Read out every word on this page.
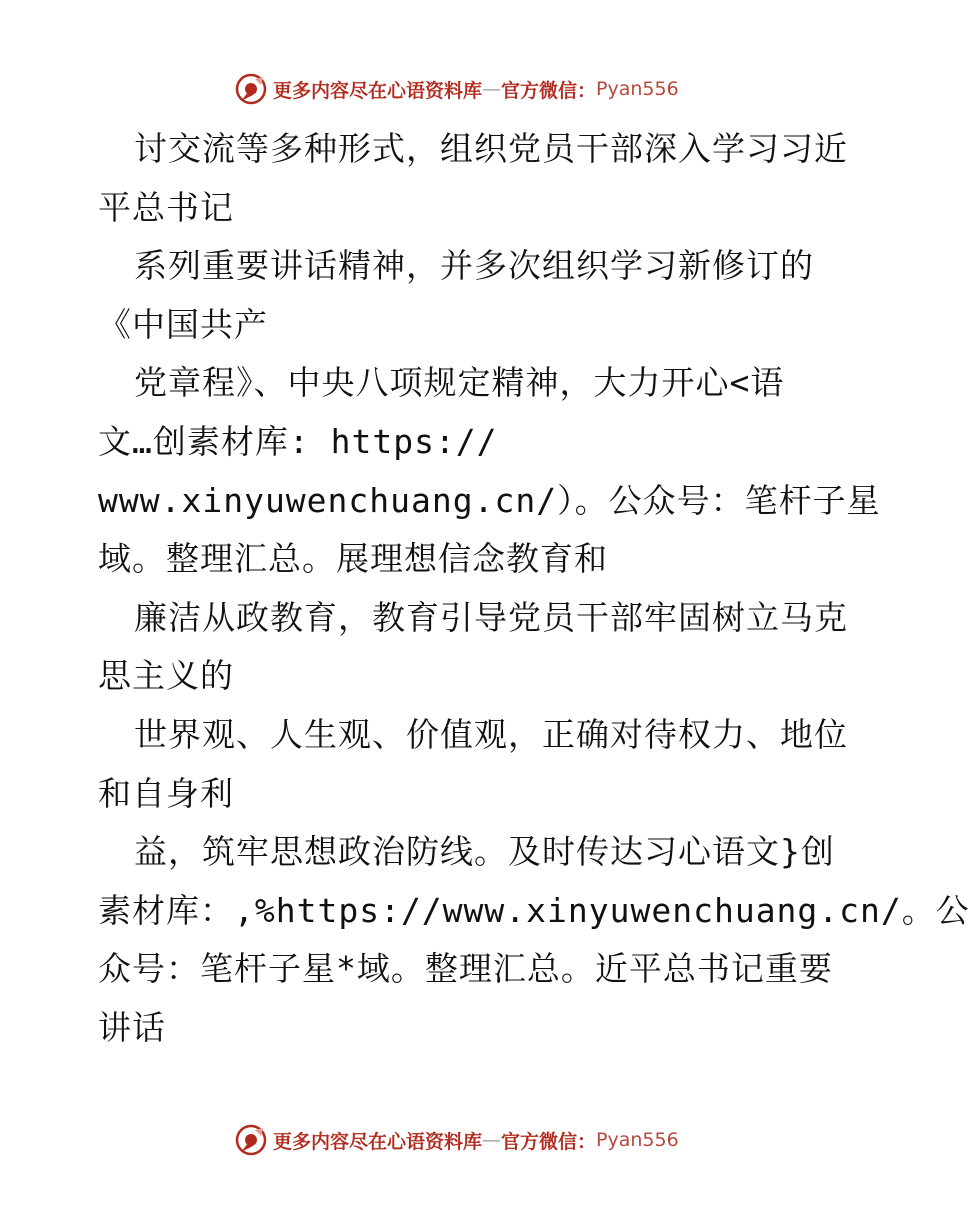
更多内容尽在心语资料库 — 官方微信： Pyan556
讨交流等多种形式，组织党员干部深入学习习近
平总书记
系列重要讲话精神，并多次组织学习新修订的
《中国共产
党章程》、中央八项规定精神，大力开心<语
文…创素材库: https://
www.xinyuwenchuang.cn/）。公众号：笔杆子星
域。整理汇总。展理想信念教育和
廉洁从政教育，教育引导党员干部牢固树立马克
思主义的
世界观、人生观、价值观，正确对待权力、地位
和自身利
益，筑牢思想政治防线。及时传达习心语文}创
素材库：,%https://www.xinyuwenchuang.cn/。公
众号：笔杆子星*域。整理汇总。近平总书记重要
讲话
更多内容尽在心语资料库 — 官方微信： Pyan556
